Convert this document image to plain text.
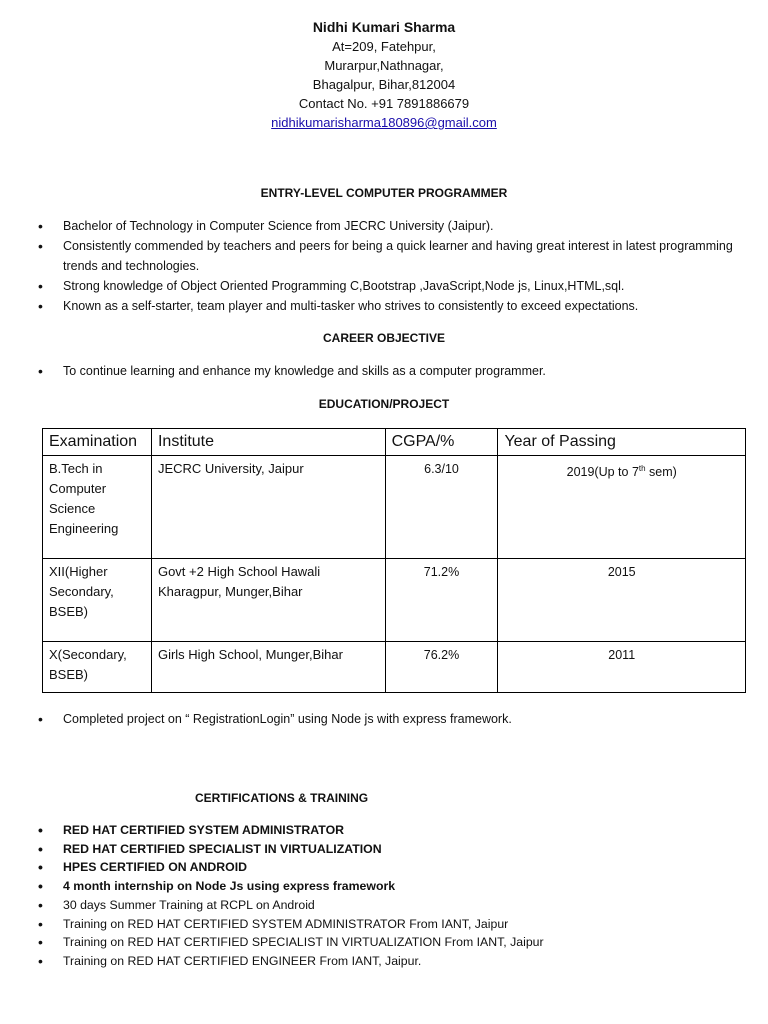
Nidhi Kumari Sharma
At=209, Fatehpur,
Murarpur,Nathnagar,
Bhagalpur, Bihar,812004
Contact No. +91 7891886679
nidhikumarisharma180896@gmail.com
ENTRY-LEVEL COMPUTER PROGRAMMER
• Bachelor of Technology in Computer Science from JECRC University (Jaipur).
• Consistently commended by teachers and peers for being a quick learner and having great interest in latest programming trends and technologies.
• Strong knowledge of Object Oriented Programming C,Bootstrap ,JavaScript,Node js, Linux,HTML,sql.
• Known as a self-starter, team player and multi-tasker who strives to consistently to exceed expectations.
CAREER OBJECTIVE
• To continue learning and enhance my knowledge and skills as a computer programmer.
EDUCATION/PROJECT
Examination	Institute	CGPA/%	Year of Passing
B.Tech in Computer Science Engineering	JECRC University, Jaipur	6.3/10	2019(Up to 7th sem)
XII(Higher Secondary, BSEB)	Govt +2 High School Hawali Kharagpur, Munger,Bihar	71.2%	2015
X(Secondary, BSEB)	Girls High School, Munger,Bihar	76.2%	2011
• Completed project on “ RegistrationLogin” using Node js with express framework.
CERTIFICATIONS & TRAINING
• RED HAT CERTIFIED SYSTEM ADMINISTRATOR
• RED HAT CERTIFIED SPECIALIST IN VIRTUALIZATION
• HPES CERTIFIED ON ANDROID
• 4 month internship on Node Js using express framework
• 30 days Summer Training at RCPL on Android
• Training on RED HAT CERTIFIED SYSTEM ADMINISTRATOR From IANT, Jaipur
• Training on RED HAT CERTIFIED SPECIALIST IN VIRTUALIZATION From IANT, Jaipur
• Training on RED HAT CERTIFIED ENGINEER From IANT, Jaipur.
